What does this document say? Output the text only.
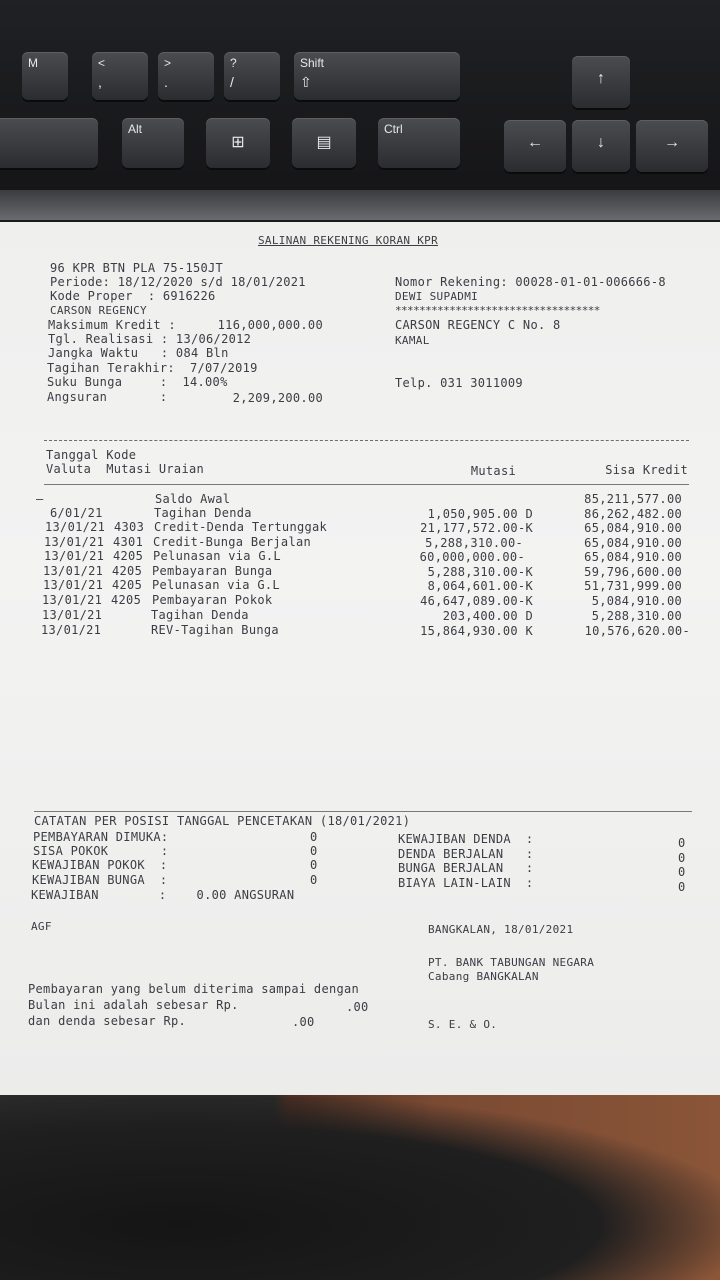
M	<
,
>
.
?
/
Shift
⇧
Alt
⊞	▤
Ctrl
↑
←	↓	→
SALINAN REKENING KORAN KPR
96 KPR BTN PLA 75-150JT
Periode: 18/12/2020 s/d 18/01/2021
Kode Proper  : 6916226
CARSON REGENCY
Maksimum Kredit :	116,000,000.00
Tgl. Realisasi : 13/06/2012
Jangka Waktu   : 084 Bln
Tagihan Terakhir:  7/07/2019
Suku Bunga     :  14.00%
Angsuran       :	2,209,200.00
Nomor Rekening: 00028-01-01-006666-8
DEWI SUPADMI
**********************************
CARSON REGENCY C No. 8
KAMAL
Telp. 031 3011009
Tanggal Kode
Valuta  Mutasi Uraian	Mutasi	Sisa Kredit
–	Saldo Awal	85,211,577.00
6/01/21	Tagihan Denda	1,050,905.00 D	86,262,482.00
13/01/21 4303 Credit-Denda Tertunggak	21,177,572.00-K	65,084,910.00
13/01/21 4301 Credit-Bunga Berjalan	5,288,310.00-	65,084,910.00
13/01/21 4205 Pelunasan via G.L	60,000,000.00-	65,084,910.00
13/01/21 4205 Pembayaran Bunga	5,288,310.00-K	59,796,600.00
13/01/21 4205 Pelunasan via G.L	8,064,601.00-K	51,731,999.00
13/01/21 4205 Pembayaran Pokok	46,647,089.00-K	5,084,910.00
13/01/21	Tagihan Denda	203,400.00 D	5,288,310.00
13/01/21	REV-Tagihan Bunga	15,864,930.00 K	10,576,620.00-
CATATAN PER POSISI TANGGAL PENCETAKAN (18/01/2021)
PEMBAYARAN DIMUKA:	0
SISA POKOK       :	0
KEWAJIBAN POKOK  :	0
KEWAJIBAN BUNGA  :	0
KEWAJIBAN        :    0.00 ANGSURAN
KEWAJIBAN DENDA  :	0
DENDA BERJALAN   :	0
BUNGA BERJALAN   :	0
BIAYA LAIN-LAIN  :	0
AGF	BANGKALAN, 18/01/2021
PT. BANK TABUNGAN NEGARA
Cabang BANGKALAN
Pembayaran yang belum diterima sampai dengan
Bulan ini adalah sebesar Rp.	.00
dan denda sebesar Rp.	.00	S. E. & O.
